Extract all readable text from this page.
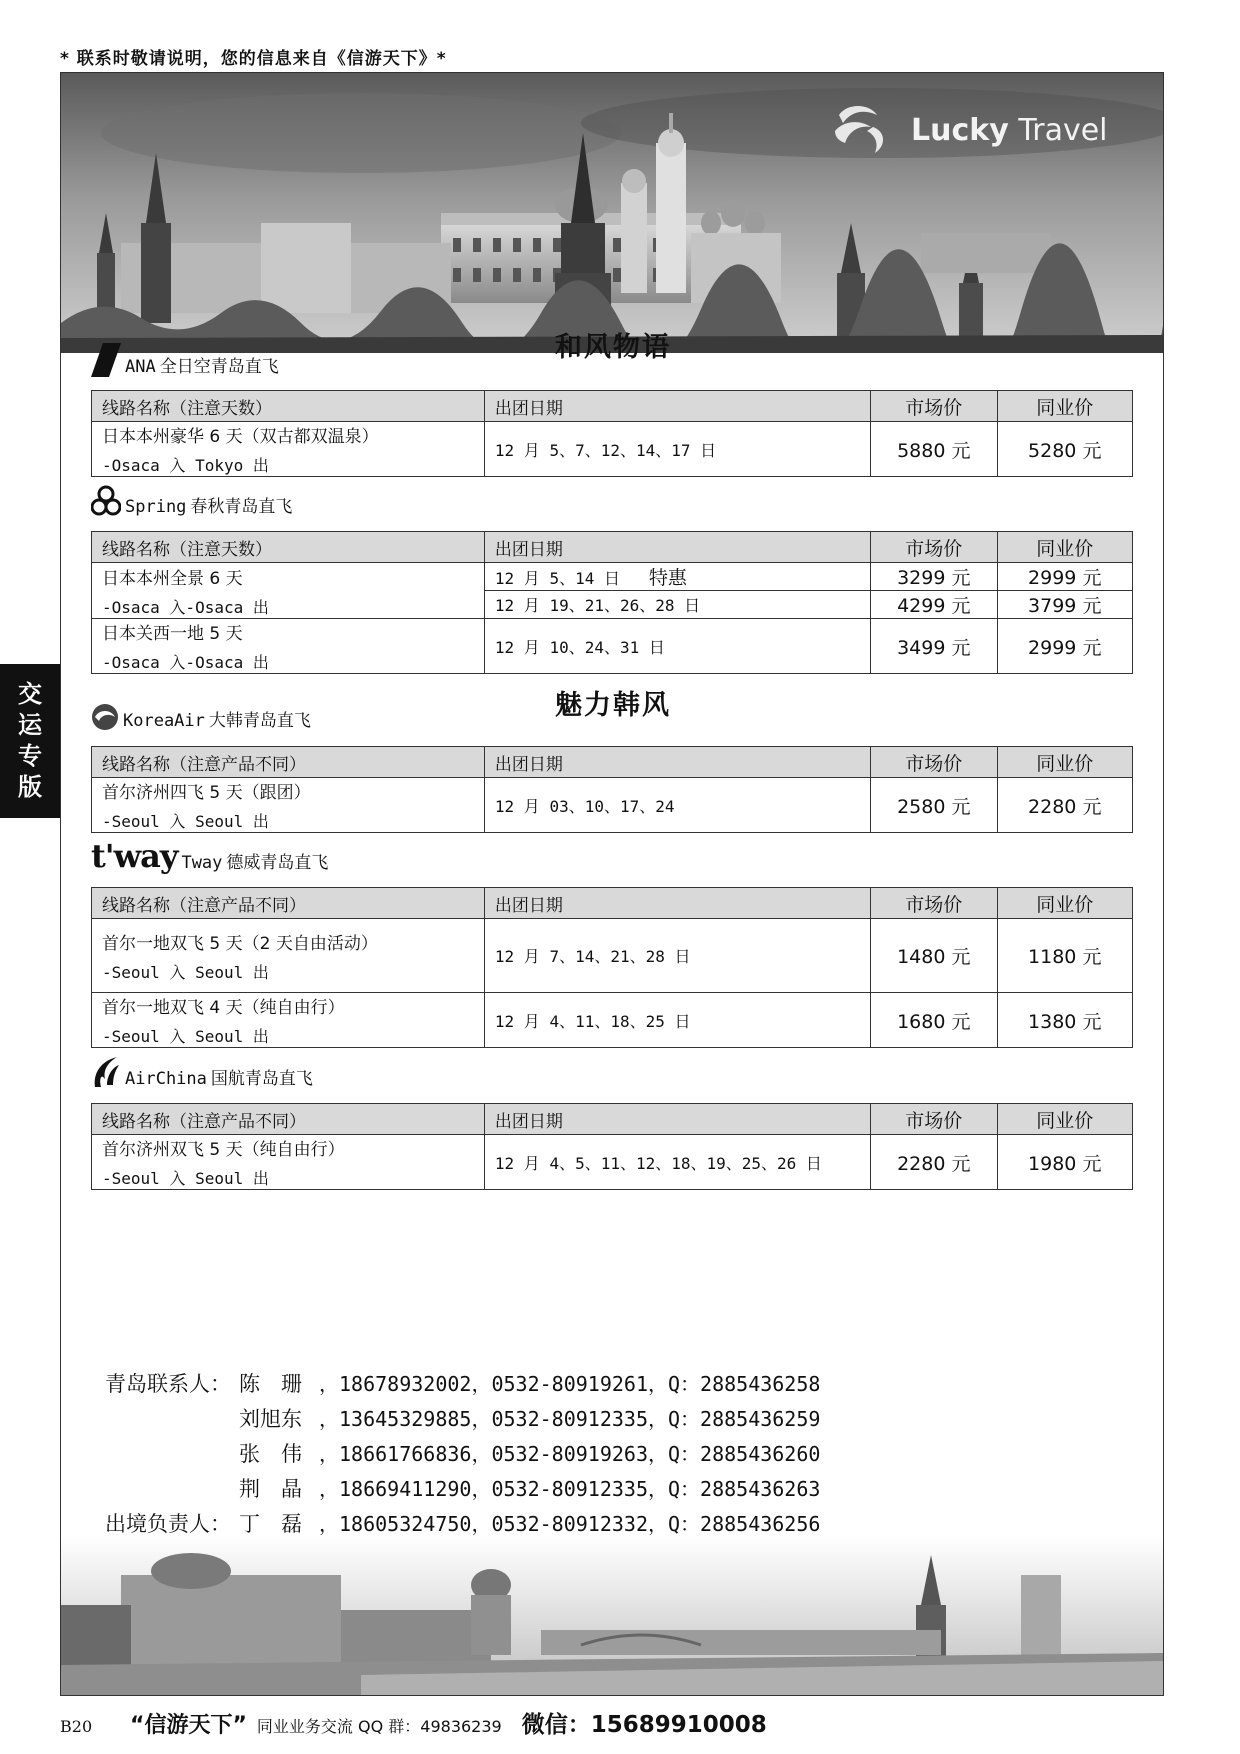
* 联系时敬请说明，您的信息来自《信游天下》*
Lucky Travel
和风物语
ANA 全日空青岛直飞
线路名称（注意天数）	出团日期	市场价	同业价
日本本州豪华 6 天（双古都双温泉）
-Osaca 入 Tokyo 出	12 月 5、7、12、14、17 日	5880 元	5280 元
Spring 春秋青岛直飞
线路名称（注意天数）	出团日期	市场价	同业价
日本本州全景 6 天
-Osaca 入-Osaca 出	12 月 5、14 日 特惠	3299 元	2999 元
	12 月 19、21、26、28 日	4299 元	3799 元
日本关西一地 5 天
-Osaca 入-Osaca 出	12 月 10、24、31 日	3499 元	2999 元
魅力韩风
KoreaAir 大韩青岛直飞
线路名称（注意产品不同）	出团日期	市场价	同业价
首尔济州四飞 5 天（跟团）
-Seoul 入 Seoul 出	12 月 03、10、17、24	2580 元	2280 元
t'way Tway 德威青岛直飞
线路名称（注意产品不同）	出团日期	市场价	同业价
首尔一地双飞 5 天（2 天自由活动）
-Seoul 入 Seoul 出	12 月 7、14、21、28 日	1480 元	1180 元
首尔一地双飞 4 天（纯自由行）
-Seoul 入 Seoul 出	12 月 4、11、18、25 日	1680 元	1380 元
AirChina 国航青岛直飞
线路名称（注意产品不同）	出团日期	市场价	同业价
首尔济州双飞 5 天（纯自由行）
-Seoul 入 Seoul 出	12 月 4、5、11、12、18、19、25、26 日	2280 元	1980 元
青岛联系人： 陈　珊 ，18678932002，0532-80919261，Q：2885436258
刘旭东 ，13645329885，0532-80912335，Q：2885436259
张　伟 ，18661766836，0532-80919263，Q：2885436260
荆　晶 ，18669411290，0532-80912335，Q：2885436263
出境负责人： 丁　磊 ，18605324750，0532-80912332，Q：2885436256
交
运
专
版
B20	“信游天下” 同业业务交流 QQ 群：49836239 微信：15689910008
